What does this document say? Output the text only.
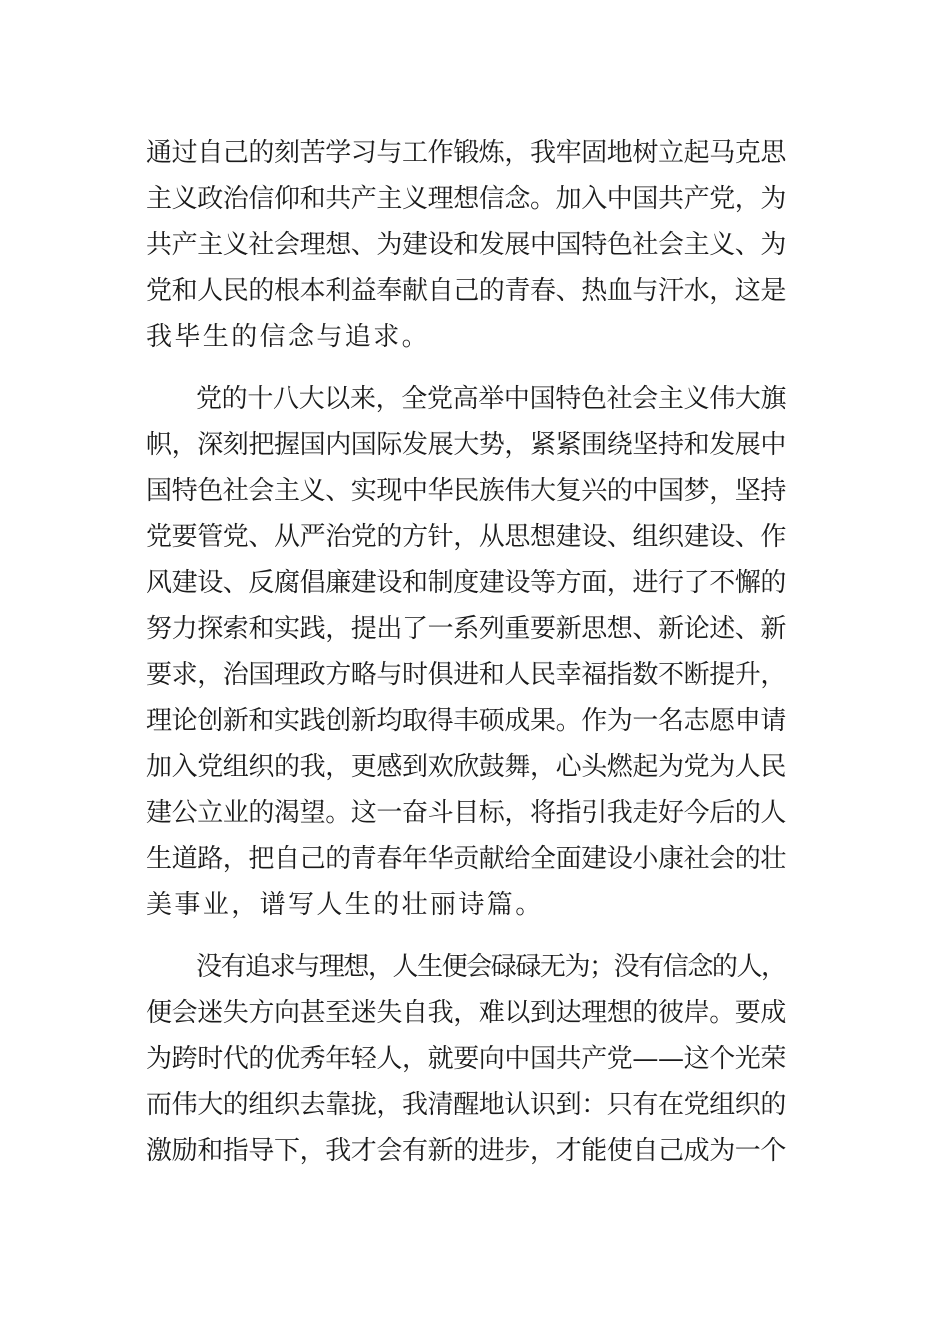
通过自己的刻苦学习与工作锻炼，我牢固地树立起马克思
主义政治信仰和共产主义理想信念。加入中国共产党，为
共产主义社会理想、为建设和发展中国特色社会主义、为
党和人民的根本利益奉献自己的青春、热血与汗水，这是
我毕生的信念与追求。
党的十八大以来，全党高举中国特色社会主义伟大旗
帜，深刻把握国内国际发展大势，紧紧围绕坚持和发展中
国特色社会主义、实现中华民族伟大复兴的中国梦，坚持
党要管党、从严治党的方针，从思想建设、组织建设、作
风建设、反腐倡廉建设和制度建设等方面，进行了不懈的
努力探索和实践，提出了一系列重要新思想、新论述、新
要求，治国理政方略与时俱进和人民幸福指数不断提升，
理论创新和实践创新均取得丰硕成果。作为一名志愿申请
加入党组织的我，更感到欢欣鼓舞，心头燃起为党为人民
建公立业的渴望。这一奋斗目标，将指引我走好今后的人
生道路，把自己的青春年华贡献给全面建设小康社会的壮
美事业，谱写人生的壮丽诗篇。
没有追求与理想，人生便会碌碌无为；没有信念的人，
便会迷失方向甚至迷失自我，难以到达理想的彼岸。要成
为跨时代的优秀年轻人，就要向中国共产党——这个光荣
而伟大的组织去靠拢，我清醒地认识到：只有在党组织的
激励和指导下，我才会有新的进步，才能使自己成为一个
